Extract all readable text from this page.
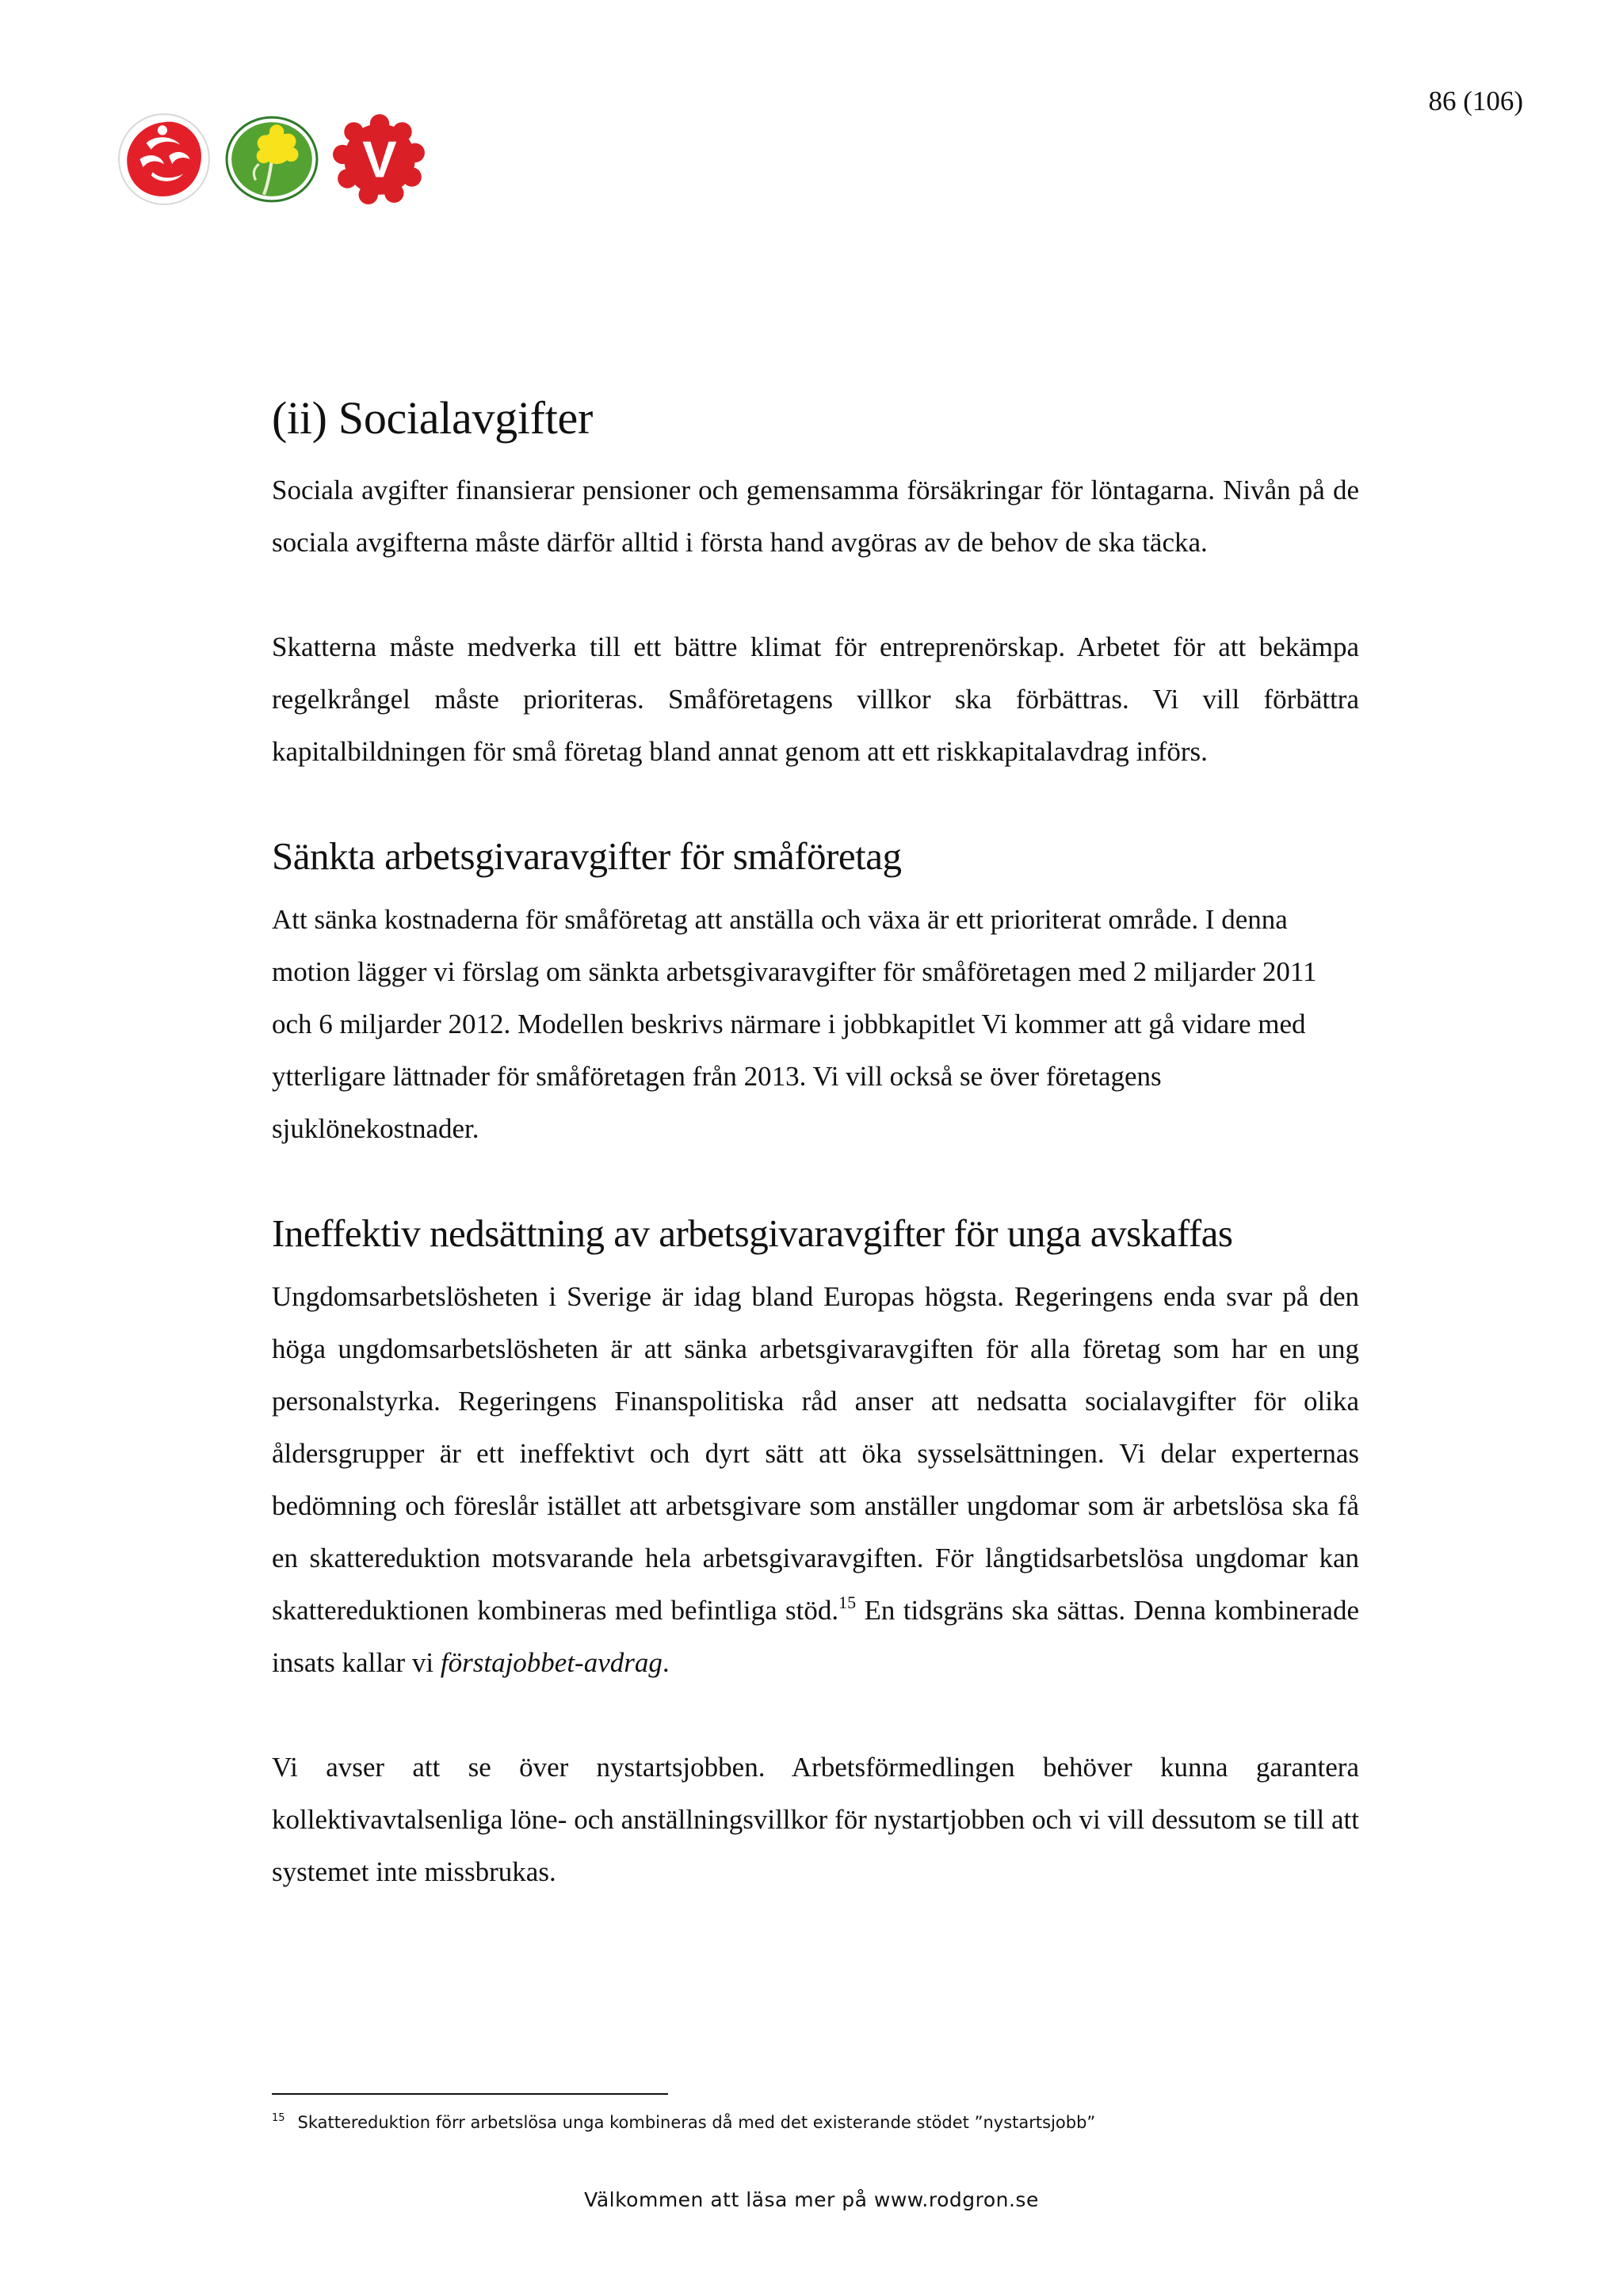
86 (106)
V
(ii) Socialavgifter

Sociala avgifter finansierar pensioner och gemensamma försäkringar för löntagarna. Nivån på de sociala avgifterna måste därför alltid i första hand avgöras av de behov de ska täcka.

Skatterna måste medverka till ett bättre klimat för entreprenörskap. Arbetet för att bekämpa regelkrångel måste prioriteras. Småföretagens villkor ska förbättras. Vi vill förbättra kapitalbildningen för små företag bland annat genom att ett riskkapitalavdrag införs.

Sänkta arbetsgivaravgifter för småföretag

Att sänka kostnaderna för småföretag att anställa och växa är ett prioriterat område. I denna motion lägger vi förslag om sänkta arbetsgivaravgifter för småföretagen med 2 miljarder 2011 och 6 miljarder 2012. Modellen beskrivs närmare i jobbkapitlet Vi kommer att gå vidare med ytterligare lättnader för småföretagen från 2013. Vi vill också se över företagens sjuklönekostnader.

Ineffektiv nedsättning av arbetsgivaravgifter för unga avskaffas

Ungdomsarbetslösheten i Sverige är idag bland Europas högsta. Regeringens enda svar på den höga ungdomsarbetslösheten är att sänka arbetsgivaravgiften för alla företag som har en ung personalstyrka. Regeringens Finanspolitiska råd anser att nedsatta socialavgifter för olika åldersgrupper är ett ineffektivt och dyrt sätt att öka sysselsättningen. Vi delar experternas bedömning och föreslår istället att arbetsgivare som anställer ungdomar som är arbetslösa ska få en skattereduktion motsvarande hela arbetsgivaravgiften. För långtidsarbetslösa ungdomar kan skattereduktionen kombineras med befintliga stöd.$^{15}$ En tidsgräns ska sättas. Denna kombinerade insats kallar vi förstajobbet-avdrag.

Vi avser att se över nystartsjobben. Arbetsförmedlingen behöver kunna garantera kollektivavtalsenliga löne- och anställningsvillkor för nystartjobben och vi vill dessutom se till att systemet inte missbrukas.

$^{15}$ Skattereduktion förr arbetslösa unga kombineras då med det existerande stödet ”nystartsjobb”
Välkommen att läsa mer på www.rodgron.se
